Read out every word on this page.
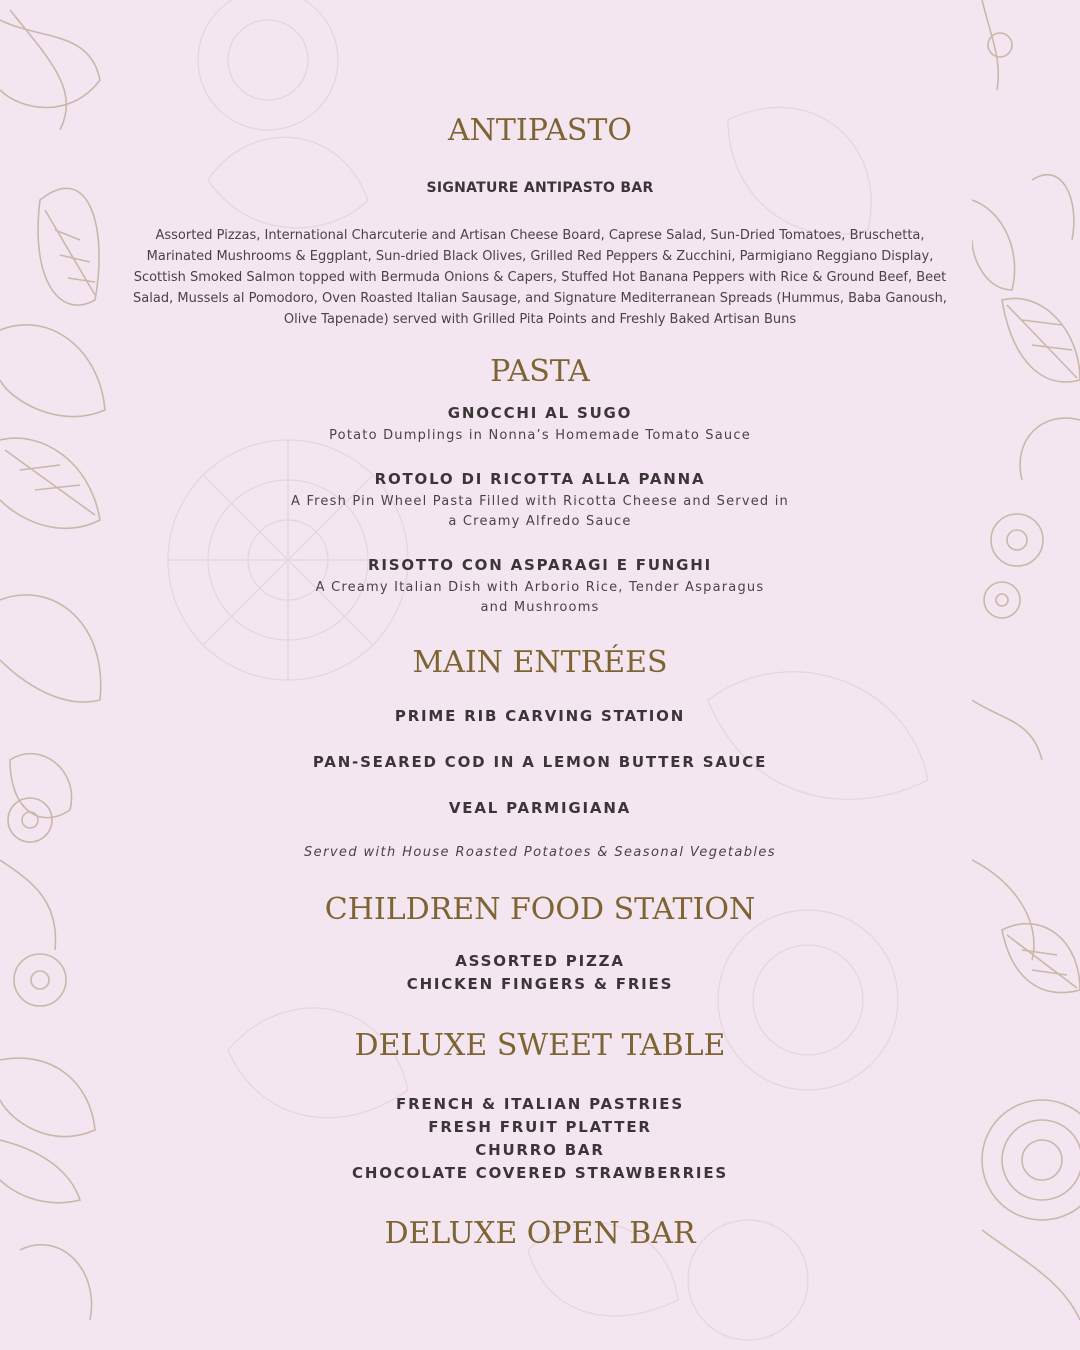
ANTIPASTO

SIGNATURE ANTIPASTO BAR

Assorted Pizzas, International Charcuterie and Artisan Cheese Board, Caprese Salad, Sun-Dried Tomatoes, Bruschetta, Marinated Mushrooms & Eggplant, Sun-dried Black Olives, Grilled Red Peppers & Zucchini, Parmigiano Reggiano Display, Scottish Smoked Salmon topped with Bermuda Onions & Capers, Stuffed Hot Banana Peppers with Rice & Ground Beef, Beet Salad, Mussels al Pomodoro, Oven Roasted Italian Sausage, and Signature Mediterranean Spreads (Hummus, Baba Ganoush, Olive Tapenade) served with Grilled Pita Points and Freshly Baked Artisan Buns

PASTA

GNOCCHI AL SUGO

Potato Dumplings in Nonna’s Homemade Tomato Sauce

ROTOLO DI RICOTTA ALLA PANNA

A Fresh Pin Wheel Pasta Filled with Ricotta Cheese and Served in a Creamy Alfredo Sauce

RISOTTO CON ASPARAGI E FUNGHI

A Creamy Italian Dish with Arborio Rice, Tender Asparagus and Mushrooms

MAIN ENTRÉES

PRIME RIB CARVING STATION

PAN-SEARED COD IN A LEMON BUTTER SAUCE

VEAL PARMIGIANA

Served with House Roasted Potatoes & Seasonal Vegetables

CHILDREN FOOD STATION

ASSORTED PIZZA

CHICKEN FINGERS & FRIES

DELUXE SWEET TABLE

FRENCH & ITALIAN PASTRIES

FRESH FRUIT PLATTER

CHURRO BAR

CHOCOLATE COVERED STRAWBERRIES

DELUXE OPEN BAR
